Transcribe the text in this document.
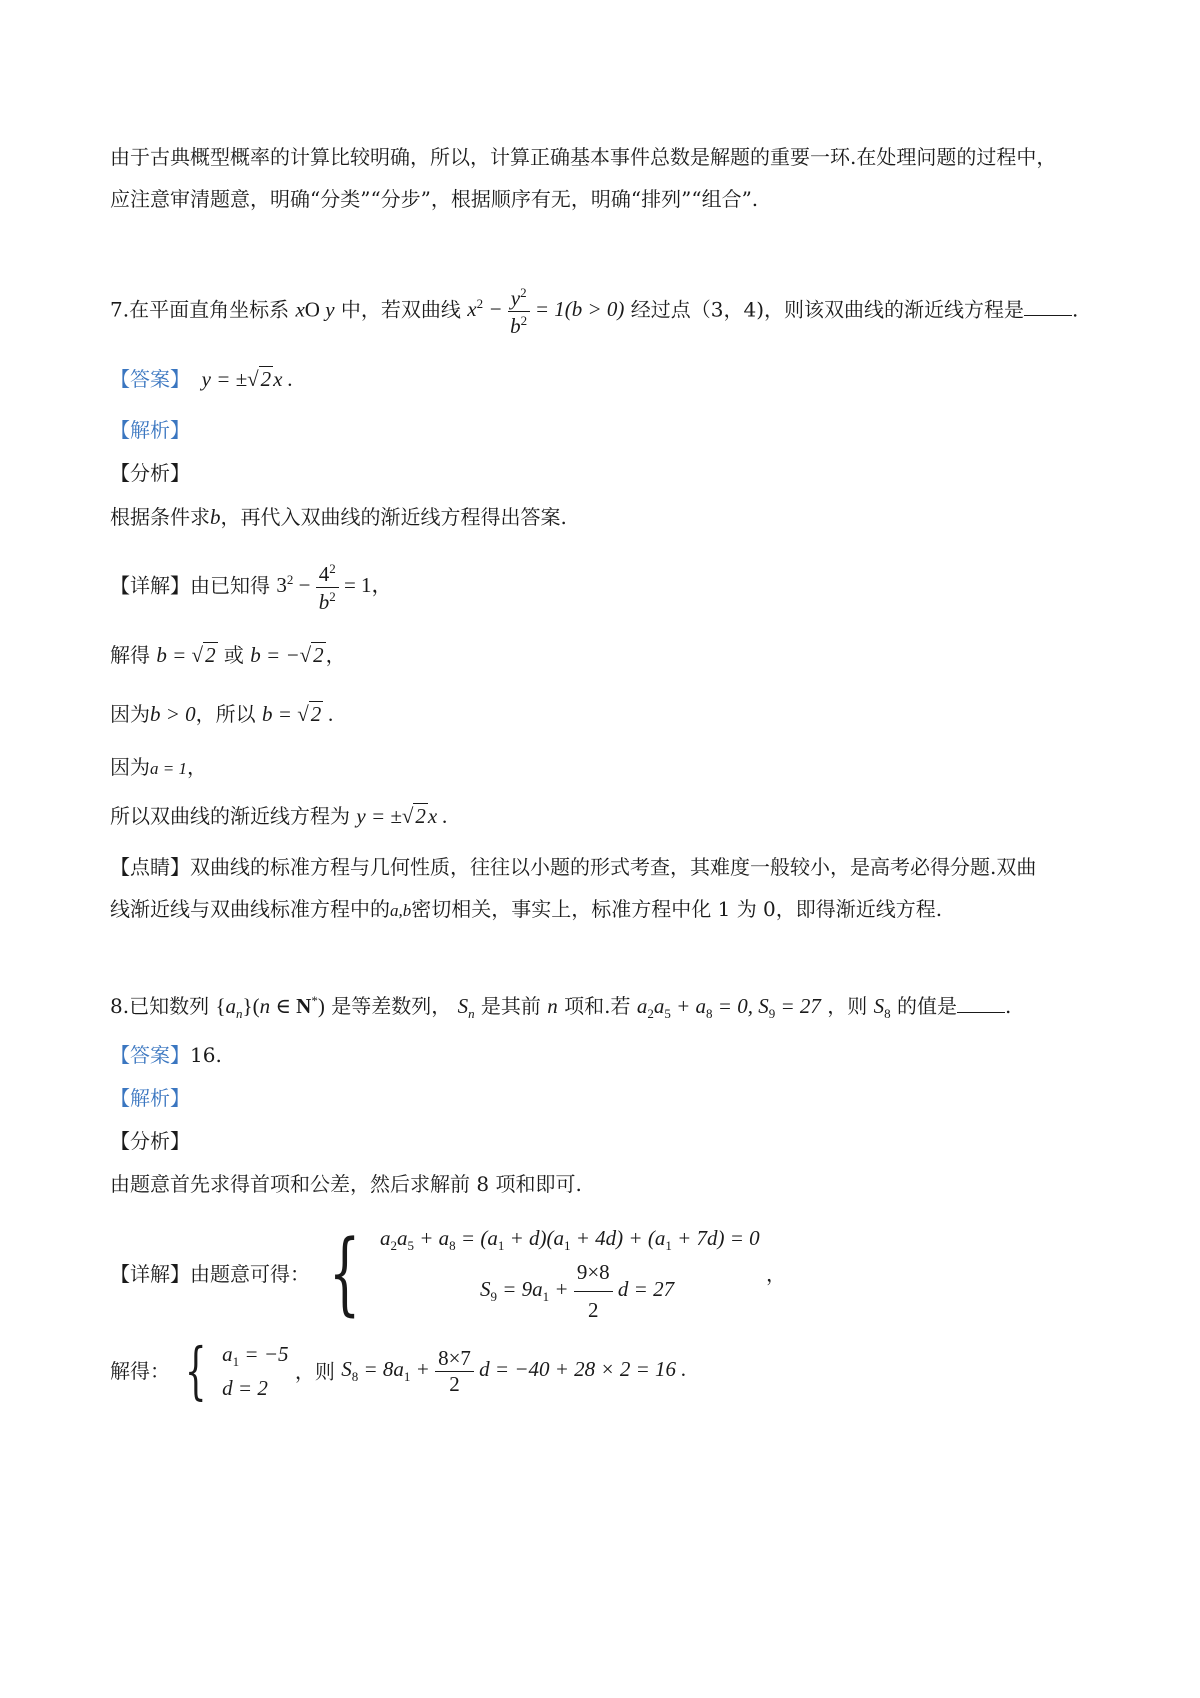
由于古典概型概率的计算比较明确，所以，计算正确基本事件总数是解题的重要一环.在处理问题的过程中，
应注意审清题意，明确“分类”“分步”，根据顺序有无，明确“排列”“组合”.
7.在平面直角坐标系 xO y 中，若双曲线 $x^2 - \frac{y^2}{b^2} = 1(b > 0)$ 经过点（3，4)，则该双曲线的渐近线方程是 .
【答案】  y = ±√2x .
【解析】
【分析】
根据条件求b，再代入双曲线的渐近线方程得出答案.
【详解】由已知得 $3^2 - \frac{4^2}{b^2} = 1$，
解得 b = √2 或 b = −√2 ，
因为b > 0，所以 b = √2 .
因为a = 1，
所以双曲线的渐近线方程为 y = ±√2x .
【点睛】双曲线的标准方程与几何性质，往往以小题的形式考查，其难度一般较小，是高考必得分题.双曲
线渐近线与双曲线标准方程中的a,b密切相关，事实上，标准方程中化 1 为 0，即得渐近线方程.
8.已知数列 $\{a_n\}(n$ ∈ N*) 是等差数列， $S_n$ 是其前 n 项和.若 $a_2a_5 + a_8 = 0$, $S_9 = 27$ ，则 $S_8$ 的值是 .
【答案】16.
【解析】
【分析】
由题意首先求得首项和公差，然后求解前 8 项和即可.
【详解】由题意可得： { $a_2a_5 + a_8 = (a_1 + d)(a_1 + 4d) + (a_1 + 7d) = 0$
$S_9 = 9a_1 + \frac{9\times 8}{2}$ d = 27
，
解得： { $a_1 = -5$
d = 2
，则 $S_8 = 8a_1 + \frac{8\times 7}{2}$ d = −40 + 28 × 2 = 16 .
